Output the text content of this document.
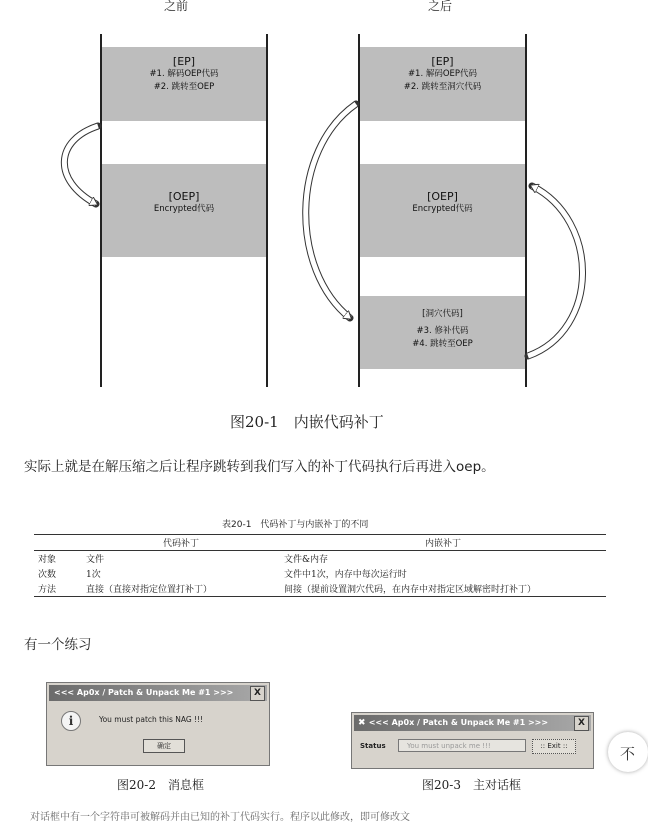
之前	之后
[EP]
#1. 解码OEP代码
#2. 跳转至OEP
[OEP]
Encrypted代码
[EP]
#1. 解码OEP代码
#2. 跳转至洞穴代码
[OEP]
Encrypted代码
[洞穴代码]
#3. 修补代码
#4. 跳转至OEP
图20-1　内嵌代码补丁
实际上就是在解压缩之后让程序跳转到我们写入的补丁代码执行后再进入oep。
表20-1　代码补丁与内嵌补丁的不同
	代码补丁	内嵌补丁
对象	文件	文件&内存
次数	1次	文件中1次，内存中每次运行时
方法	直接（直接对指定位置打补丁）	间接（提前设置洞穴代码，在内存中对指定区域解密时打补丁）
有一个练习
<<< Ap0x / Patch & Unpack Me #1 >>>	X
i	You must patch this NAG !!!
确定
图20-2　消息框
✖ <<< Ap0x / Patch & Unpack Me #1 >>>	X
Status	You must unpack me !!!	:: Exit ::
图20-3　主对话框
不
对话框中有一个字符串可被解码并由已知的补丁代码实行。程序以此修改，即可修改文
